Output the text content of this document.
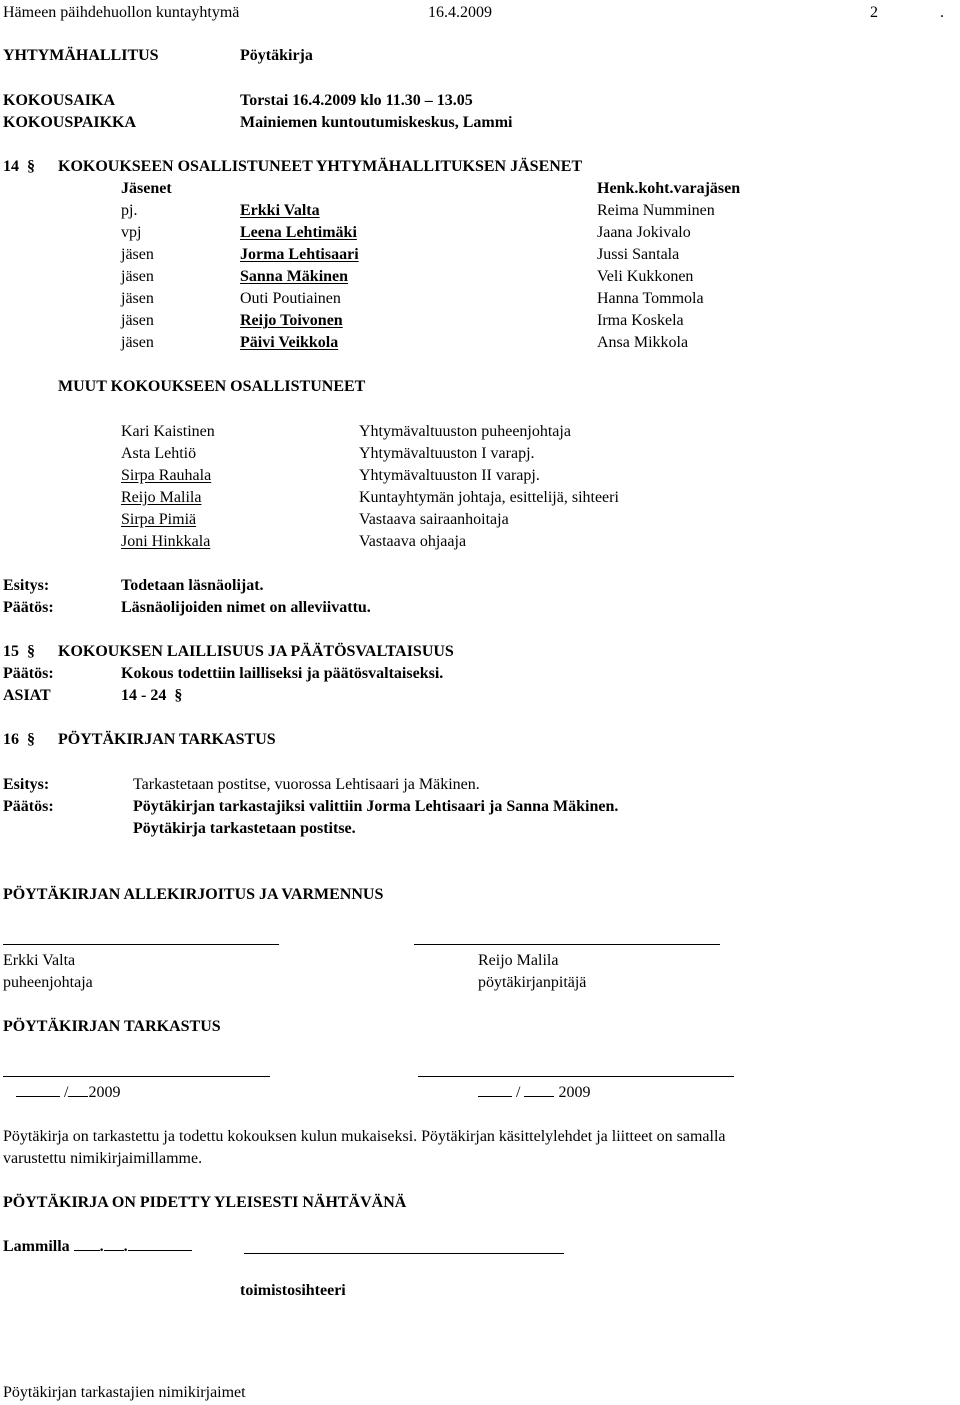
Hämeen päihdehuollon kuntayhtymä	16.4.2009	2	.
YHTYMÄHALLITUS	Pöytäkirja
KOKOUSAIKA	Torstai 16.4.2009 klo 11.30 – 13.05
KOKOUSPAIKKA	Mainiemen kuntoutumiskeskus, Lammi
14 § KOKOUKSEEN OSALLISTUNEET YHTYMÄHALLITUKSEN JÄSENET
Jäsenet	Henk.koht.varajäsen
pj.	Erkki Valta	Reima Numminen
vpj	Leena Lehtimäki	Jaana Jokivalo
jäsen	Jorma Lehtisaari	Jussi Santala
jäsen	Sanna Mäkinen	Veli Kukkonen
jäsen	Outi Poutiainen	Hanna Tommola
jäsen	Reijo Toivonen	Irma Koskela
jäsen	Päivi Veikkola	Ansa Mikkola
MUUT KOKOUKSEEN OSALLISTUNEET
Kari Kaistinen	Yhtymävaltuuston puheenjohtaja
Asta Lehtiö	Yhtymävaltuuston I varapj.
Sirpa Rauhala	Yhtymävaltuuston II varapj.
Reijo Malila	Kuntayhtymän johtaja, esittelijä, sihteeri
Sirpa Pimiä	Vastaava sairaanhoitaja
Joni Hinkkala	Vastaava ohjaaja
Esitys:	Todetaan läsnäolijat.
Päätös:	Läsnäolijoiden nimet on alleviivattu.
15 § KOKOUKSEN LAILLISUUS JA PÄÄTÖSVALTAISUUS
Päätös:	Kokous todettiin lailliseksi ja päätösvaltaiseksi.
ASIAT	14 - 24 §
16 § PÖYTÄKIRJAN TARKASTUS
Esitys:	Tarkastetaan postitse, vuorossa Lehtisaari ja Mäkinen.
Päätös:	Pöytäkirjan tarkastajiksi valittiin Jorma Lehtisaari ja Sanna Mäkinen.
Pöytäkirja tarkastetaan postitse.
PÖYTÄKIRJAN ALLEKIRJOITUS JA VARMENNUS
Erkki Valta
puheenjohtaja
Reijo Malila
pöytäkirjanpitäjä
PÖYTÄKIRJAN TARKASTUS
/ 2009	/  2009
Pöytäkirja on tarkastettu ja todettu kokouksen kulun mukaiseksi. Pöytäkirjan käsittelylehdet ja liitteet on samalla
varustettu nimikirjaimillamme.
PÖYTÄKIRJA ON PIDETTY YLEISESTI NÄHTÄVÄNÄ
Lammilla . .
toimistosihteeri
Pöytäkirjan tarkastajien nimikirjaimet
